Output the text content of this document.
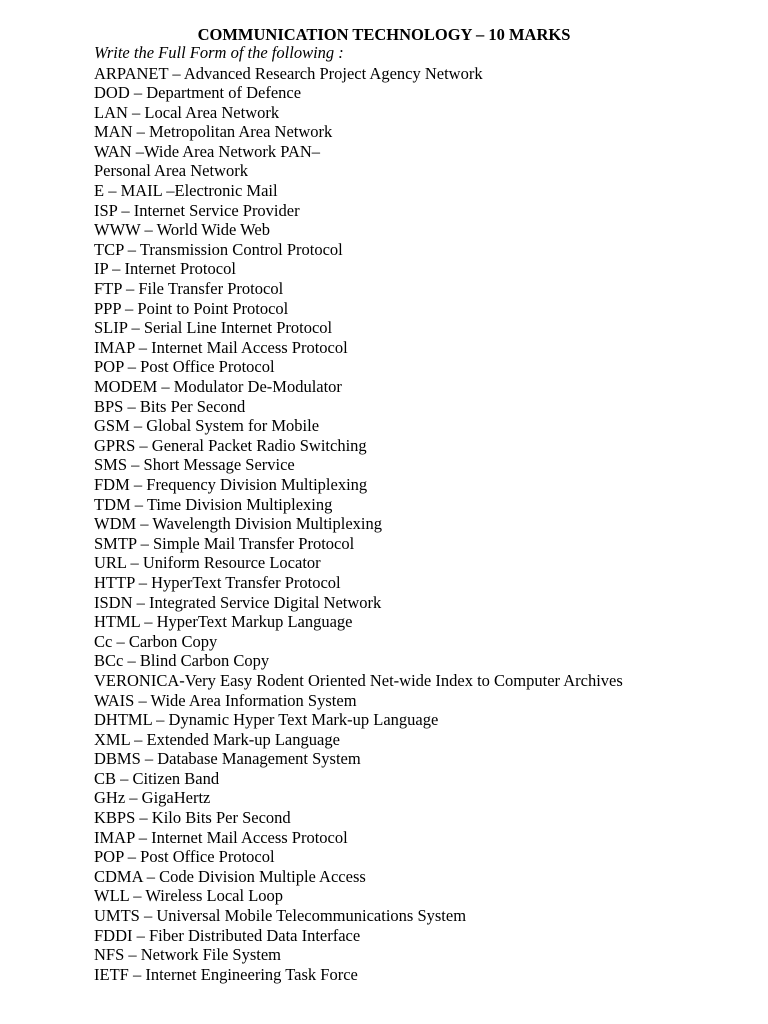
COMMUNICATION TECHNOLOGY – 10 MARKS
Write the Full Form of the following :
ARPANET – Advanced Research Project Agency Network
DOD – Department of Defence
LAN – Local Area Network
MAN – Metropolitan Area Network
WAN –Wide Area Network PAN–
Personal Area Network
E – MAIL –Electronic Mail
ISP – Internet Service Provider
WWW – World Wide Web
TCP – Transmission Control Protocol
IP – Internet Protocol
FTP – File Transfer Protocol
PPP – Point to Point Protocol
SLIP – Serial Line Internet Protocol
IMAP – Internet Mail Access Protocol
POP – Post Office Protocol
MODEM – Modulator De-Modulator
BPS – Bits Per Second
GSM – Global System for Mobile
GPRS – General Packet Radio Switching
SMS – Short Message Service
FDM – Frequency Division Multiplexing
TDM – Time Division Multiplexing
WDM – Wavelength Division Multiplexing
SMTP – Simple Mail Transfer Protocol
URL – Uniform Resource Locator
HTTP – HyperText Transfer Protocol
ISDN – Integrated Service Digital Network
HTML – HyperText Markup Language
Cc – Carbon Copy
BCc – Blind Carbon Copy
VERONICA-Very Easy Rodent Oriented Net-wide Index to Computer Archives
WAIS – Wide Area Information System
DHTML – Dynamic Hyper Text Mark-up Language
XML – Extended Mark-up Language
DBMS – Database Management System
CB – Citizen Band
GHz – GigaHertz
KBPS – Kilo Bits Per Second
IMAP – Internet Mail Access Protocol
POP – Post Office Protocol
CDMA – Code Division Multiple Access
WLL – Wireless Local Loop
UMTS – Universal Mobile Telecommunications System
FDDI – Fiber Distributed Data Interface
NFS – Network File System
IETF – Internet Engineering Task Force
